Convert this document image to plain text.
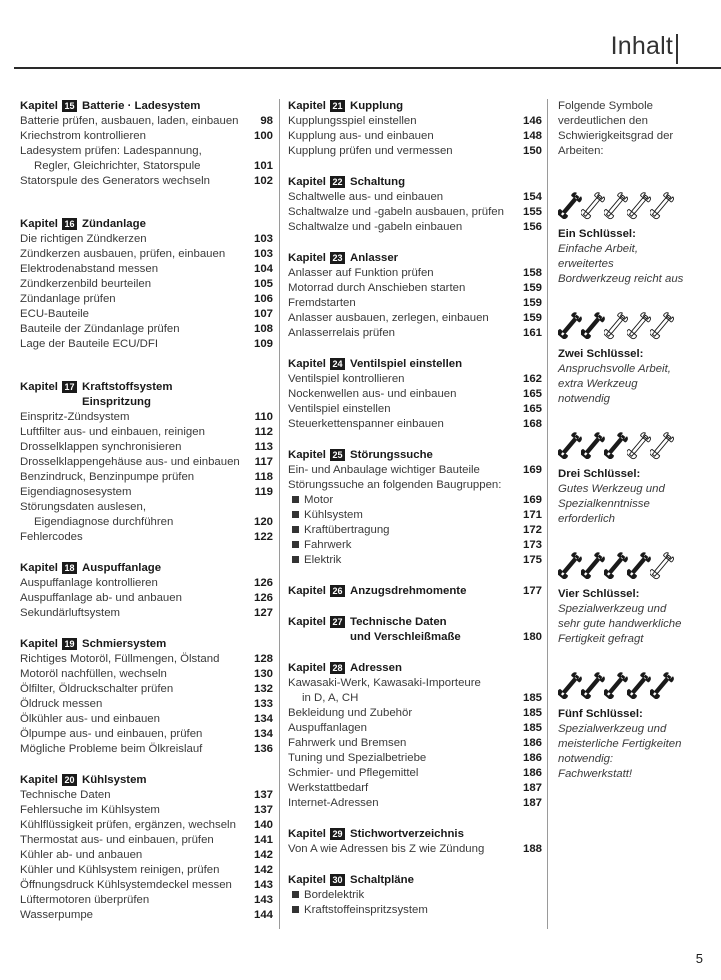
Inhalt
Kapitel 15 Batterie · Ladesystem
Batterie prüfen, ausbauen, laden, einbauen	98
Kriechstrom kontrollieren	100
Ladesystem prüfen: Ladespannung,
Regler, Gleichrichter, Statorspule	101
Statorspule des Generators wechseln	102
Kapitel 16 Zündanlage
Die richtigen Zündkerzen	103
Zündkerzen ausbauen, prüfen, einbauen	103
Elektrodenabstand messen	104
Zündkerzenbild beurteilen	105
Zündanlage prüfen	106
ECU-Bauteile	107
Bauteile der Zündanlage prüfen	108
Lage der Bauteile ECU/DFI	109
Kapitel 17 Kraftstoffsystem
Einspritzung
Einspritz-Zündsystem	110
Luftfilter aus- und einbauen, reinigen	112
Drosselklappen synchronisieren	113
Drosselklappengehäuse aus- und einbauen	117
Benzindruck, Benzinpumpe prüfen	118
Eigendiagnosesystem	119
Störungsdaten auslesen,
Eigendiagnose durchführen	120
Fehlercodes	122
Kapitel 18 Auspuffanlage
Auspuffanlage kontrollieren	126
Auspuffanlage ab- und anbauen	126
Sekundärluftsystem	127
Kapitel 19 Schmiersystem
Richtiges Motoröl, Füllmengen, Ölstand	128
Motoröl nachfüllen, wechseln	130
Ölfilter, Öldruckschalter prüfen	132
Öldruck messen	133
Ölkühler aus- und einbauen	134
Ölpumpe aus- und einbauen, prüfen	134
Mögliche Probleme beim Ölkreislauf	136
Kapitel 20 Kühlsystem
Technische Daten	137
Fehlersuche im Kühlsystem	137
Kühlflüssigkeit prüfen, ergänzen, wechseln	140
Thermostat aus- und einbauen, prüfen	141
Kühler ab- und anbauen	142
Kühler und Kühlsystem reinigen, prüfen	142
Öffnungsdruck Kühlsystemdeckel messen	143
Lüftermotoren überprüfen	143
Wasserpumpe	144
Kapitel 21 Kupplung
Kupplungsspiel einstellen	146
Kupplung aus- und einbauen	148
Kupplung prüfen und vermessen	150
Kapitel 22 Schaltung
Schaltwelle aus- und einbauen	154
Schaltwalze und -gabeln ausbauen, prüfen	155
Schaltwalze und -gabeln einbauen	156
Kapitel 23 Anlasser
Anlasser auf Funktion prüfen	158
Motorrad durch Anschieben starten	159
Fremdstarten	159
Anlasser ausbauen, zerlegen, einbauen	159
Anlasserrelais prüfen	161
Kapitel 24 Ventilspiel einstellen
Ventilspiel kontrollieren	162
Nockenwellen aus- und einbauen	165
Ventilspiel einstellen	165
Steuerkettenspanner einbauen	168
Kapitel 25 Störungssuche
Ein- und Anbaulage wichtiger Bauteile	169
Störungssuche an folgenden Baugruppen:
Motor	169
Kühlsystem	171
Kraftübertragung	172
Fahrwerk	173
Elektrik	175
Kapitel 26 Anzugsdrehmomente	177
Kapitel 27 Technische Daten
und Verschleißmaße	180
Kapitel 28 Adressen
Kawasaki-Werk, Kawasaki-Importeure
in D, A, CH	185
Bekleidung und Zubehör	185
Auspuffanlagen	185
Fahrwerk und Bremsen	186
Tuning und Spezialbetriebe	186
Schmier- und Pflegemittel	186
Werkstattbedarf	187
Internet-Adressen	187
Kapitel 29 Stichwortverzeichnis
Von A wie Adressen bis Z wie Zündung	188
Kapitel 30 Schaltpläne
Bordelektrik
Kraftstoffeinspritzsystem
Folgende Symbole verdeutlichen den Schwierigkeitsgrad der Arbeiten:
Ein Schlüssel:
Einfache Arbeit, erweitertes Bordwerkzeug reicht aus
Zwei Schlüssel:
Anspruchsvolle Arbeit, extra Werkzeug notwendig
Drei Schlüssel:
Gutes Werkzeug und Spezialkenntnisse erforderlich
Vier Schlüssel:
Spezialwerkzeug und sehr gute handwerkliche Fertigkeit gefragt
Fünf Schlüssel:
Spezialwerkzeug und meisterliche Fertigkeiten notwendig: Fachwerkstatt!
5
